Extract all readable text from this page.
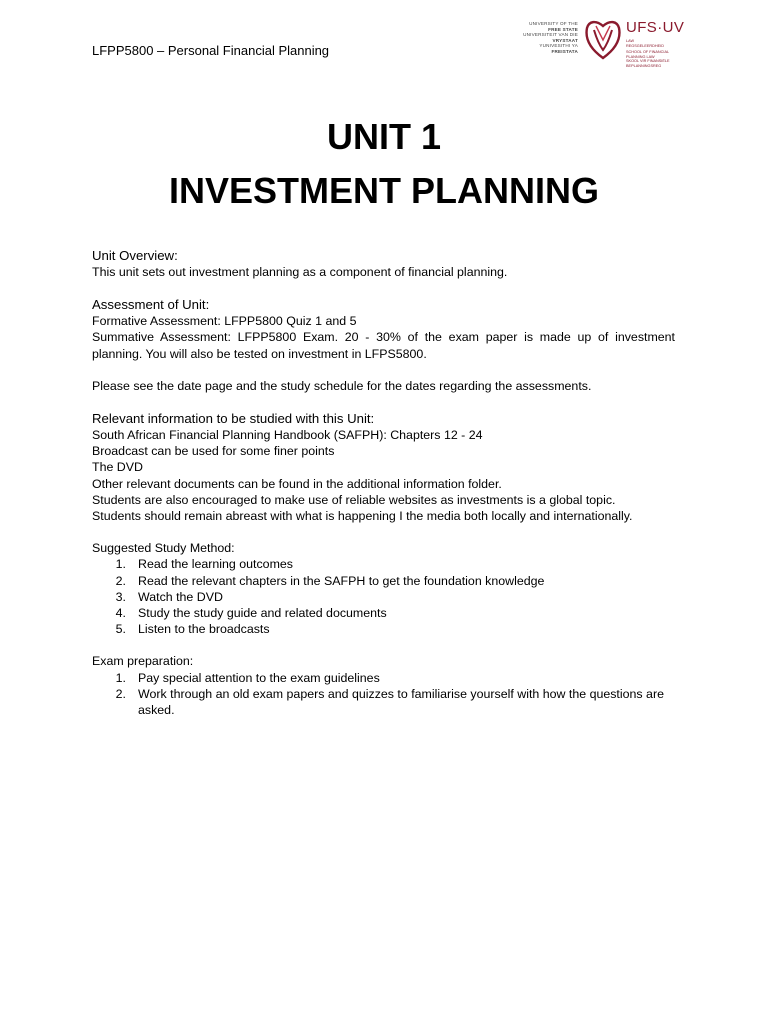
LFPP5800 – Personal Financial Planning
UNIVERSITY OF THE
FREE STATE
UNIVERSITEIT VAN DIE
VRYSTAAT
YUNIVESITHI YA
FREISTATA
UFS·UV
LAW
REGSGELEERDHEID
SCHOOL OF FINANCIAL
PLANNING LAW
SKOOL VIR FINANSIËLE
BEPLANNINGSREG
UNIT 1
INVESTMENT PLANNING
Unit Overview:
This unit sets out investment planning as a component of financial planning.
Assessment of Unit:
Formative Assessment: LFPP5800 Quiz 1 and 5
Summative Assessment: LFPP5800 Exam. 20 - 30% of the exam paper is made up of investment planning. You will also be tested on investment in LFPS5800.
Please see the date page and the study schedule for the dates regarding the assessments.
Relevant information to be studied with this Unit:
South African Financial Planning Handbook (SAFPH): Chapters 12 - 24
Broadcast can be used for some finer points
The DVD
Other relevant documents can be found in the additional information folder.
Students are also encouraged to make use of reliable websites as investments is a global topic.
Students should remain abreast with what is happening I the media both locally and internationally.
Suggested Study Method:
1. Read the learning outcomes
2. Read the relevant chapters in the SAFPH to get the foundation knowledge
3. Watch the DVD
4. Study the study guide and related documents
5. Listen to the broadcasts
Exam preparation:
1. Pay special attention to the exam guidelines
2. Work through an old exam papers and quizzes to familiarise yourself with how the questions are asked.
